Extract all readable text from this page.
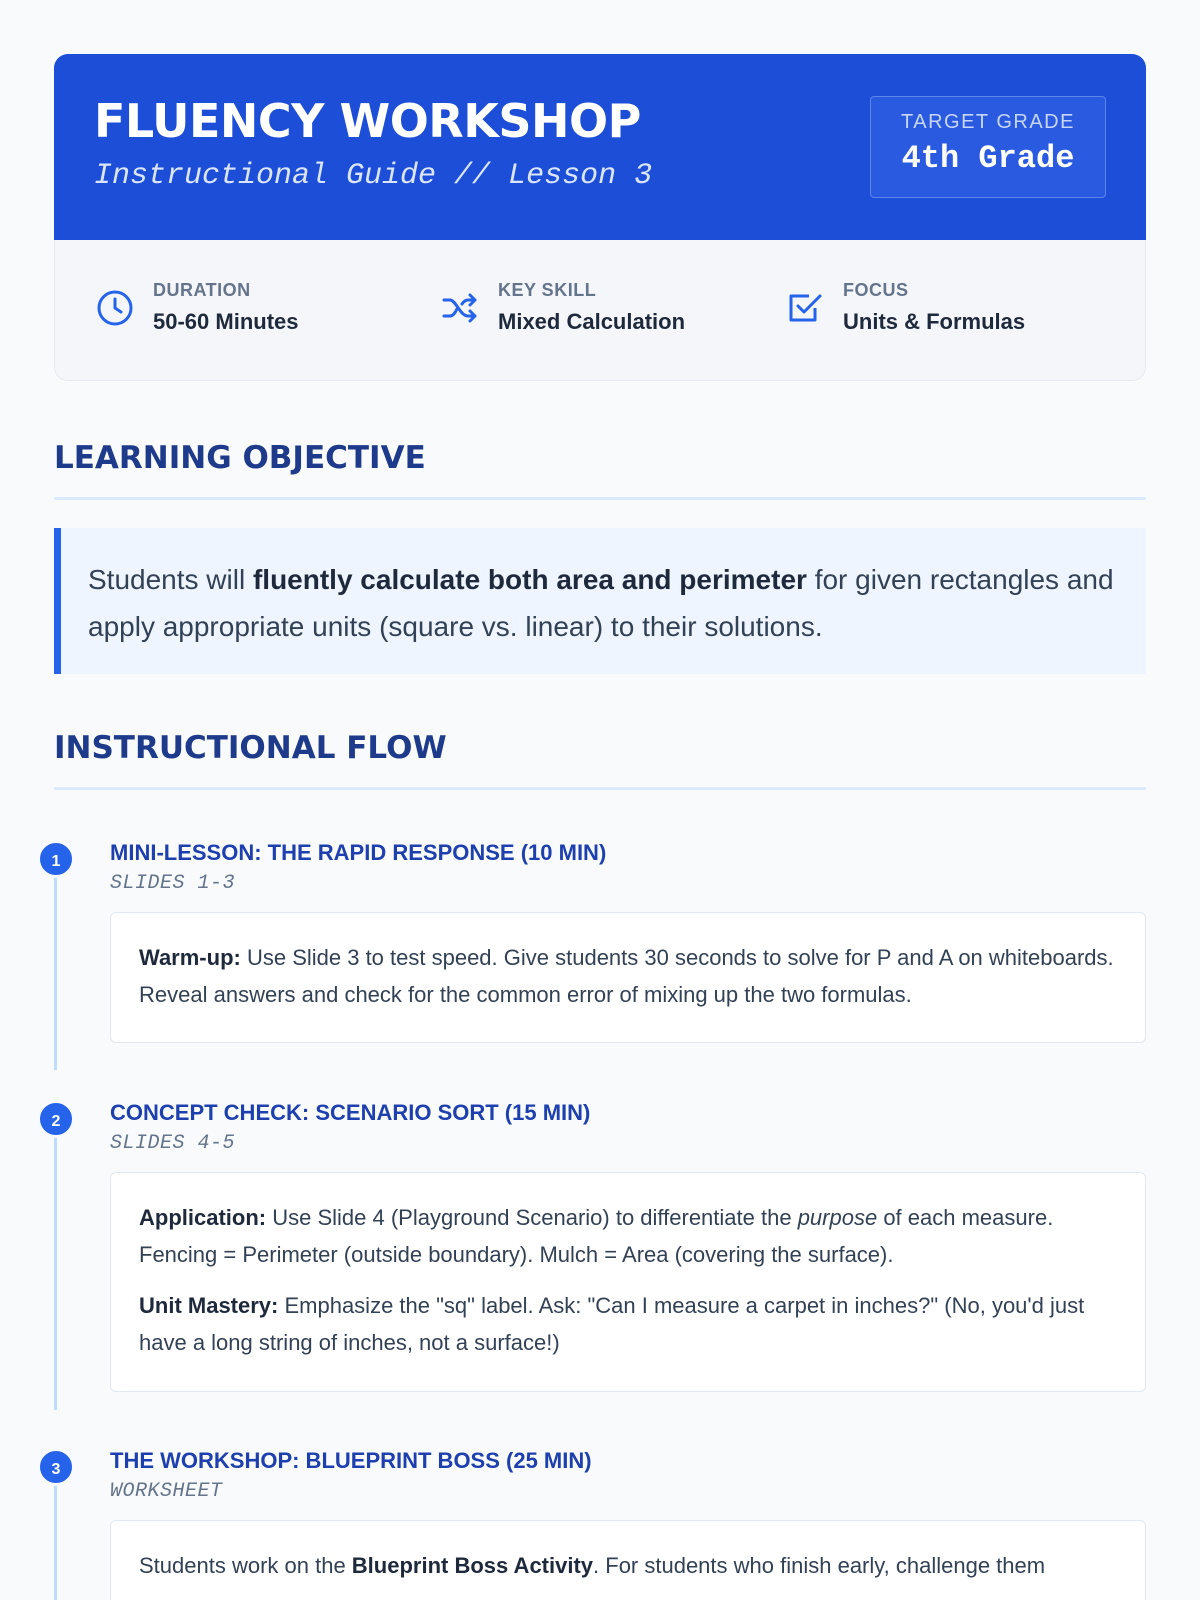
FLUENCY WORKSHOP
Instructional Guide // Lesson 3
TARGET GRADE
4th Grade
DURATION
50-60 Minutes
KEY SKILL
Mixed Calculation
FOCUS
Units & Formulas
LEARNING OBJECTIVE
Students will fluently calculate both area and perimeter for given rectangles and apply appropriate units (square vs. linear) to their solutions.
INSTRUCTIONAL FLOW
1	MINI-LESSON: THE RAPID RESPONSE (10 MIN)
SLIDES 1-3

Warm-up: Use Slide 3 to test speed. Give students 30 seconds to solve for P and A on whiteboards. Reveal answers and check for the common error of mixing up the two formulas.

2	CONCEPT CHECK: SCENARIO SORT (15 MIN)
SLIDES 4-5

Application: Use Slide 4 (Playground Scenario) to differentiate the purpose of each measure. Fencing = Perimeter (outside boundary). Mulch = Area (covering the surface).

Unit Mastery: Emphasize the "sq" label. Ask: "Can I measure a carpet in inches?" (No, you'd just have a long string of inches, not a surface!)

3	THE WORKSHOP: BLUEPRINT BOSS (25 MIN)
WORKSHEET

Students work on the Blueprint Boss Activity. For students who finish early, challenge them
